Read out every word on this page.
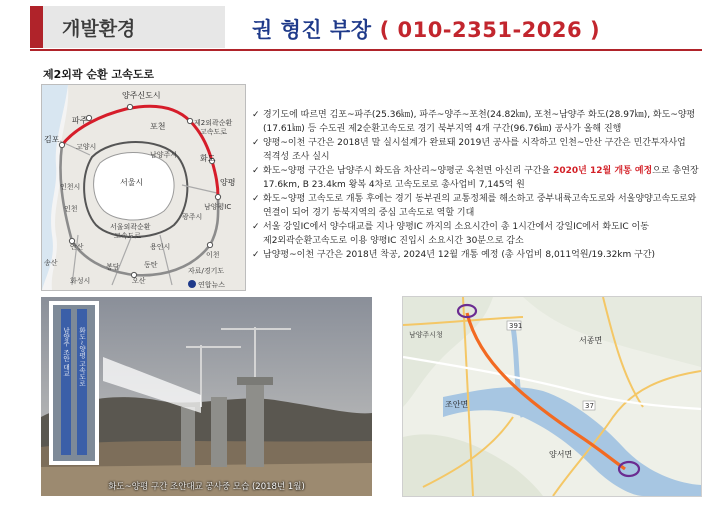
개발환경	권 형진 부장 ( 010-2351-2026 )
제2외곽 순환 고속도로
양주신도시
파주
포천	제2외곽순환 고속도로
김포
고양시
남양주시	화도
양평
서울시
인천시
인천	남양평IC
광주시
서울외곽순환 고속도로
용인시
안산
송산	봉담	동탄
이천
화성시	오산
자료/경기도
연합뉴스
✓ 경기도에 따르면 김포~파주(25.36㎞), 파주~양주~포천(24.82㎞), 포천~남양주 화도(28.97㎞), 화도~양평(17.61㎞) 등 수도권 제2순환고속도로 경기 북부지역 4개 구간(96.76㎞) 공사가 올해 진행
✓ 양평~이천 구간은 2018년 말 실시설계가 완료돼 2019년 공사를 시작하고 인천~안산 구간은 민간투자사업 적격성 조사 실시
✓ 화도~양평 구간은 남양주시 화도읍 차산리~양평군 옥천면 아신리 구간을 2020년 12월 개통 예정으로 총연장 17.6km, B 23.4km 왕복 4차로 고속도로로 총사업비 7,145억 원
✓ 화도~양평 고속도로 개통 후에는 경기 동부권의 교통정체를 해소하고 중부내륙고속도로와 서울양양고속도로와 연결이 되어 경기 동북지역의 중심 고속도로 역할 기대
✓ 서울 강일IC에서 양수대교를 지나 양평IC 까지의 소요시간이 총 1시간에서 강일IC에서 화도IC 이동 제2외곽순환고속도로 이용 양평IC 진입시 소요시간 30분으로 감소
✓ 남양평~이천 구간은 2018년 착공, 2024년 12월 개통 예정 (총 사업비 8,011억원/19.32km 구간)
남양주 조안 대교 화도~양평 고속도로
화도~양평 구간 조안대교 공사중 모습 (2018년 1월)
남양주시청
서종면
조안면
양서면
391
37
